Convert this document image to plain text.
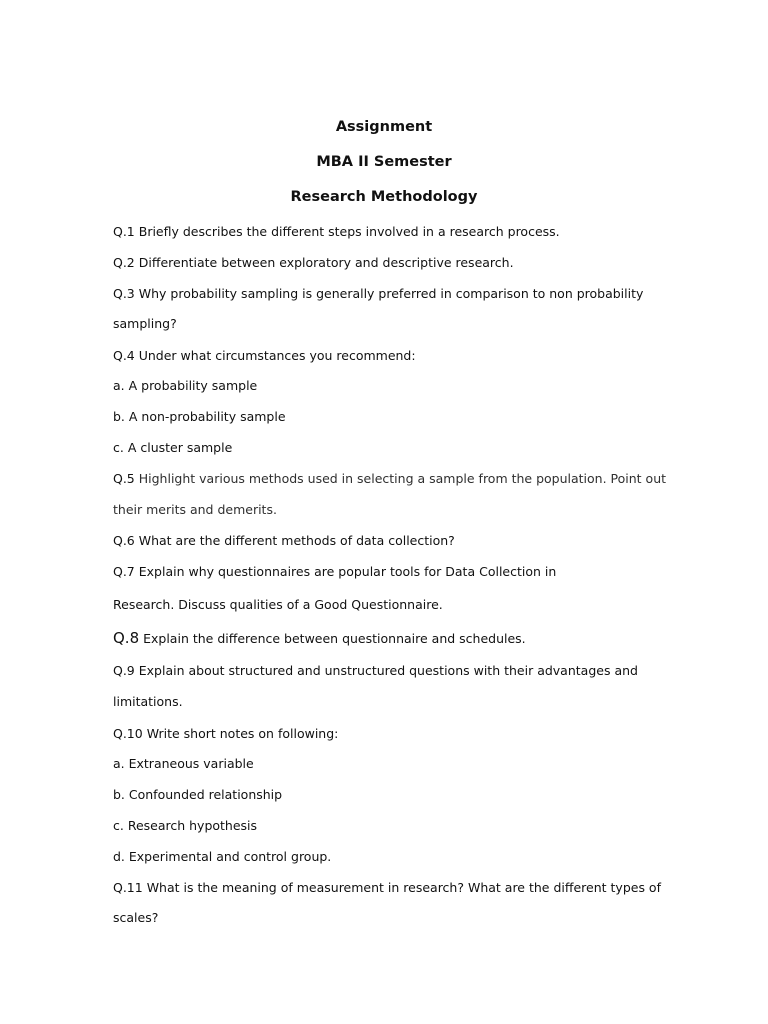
Assignment
MBA II Semester
Research Methodology
Q.1 Briefly describes the different steps involved in a research process.
Q.2 Differentiate between exploratory and descriptive research.
Q.3 Why probability sampling is generally preferred in comparison to non probability
sampling?
Q.4 Under what circumstances you recommend:
a. A probability sample
b. A non-probability sample
c. A cluster sample
Q.5 Highlight various methods used in selecting a sample from the population. Point out
their merits and demerits.
Q.6 What are the different methods of data collection?
Q.7 Explain why questionnaires are popular tools for Data Collection in
Research. Discuss qualities of a Good Questionnaire.
Q.8 Explain the difference between questionnaire and schedules.
Q.9 Explain about structured and unstructured questions with their advantages and
limitations.
Q.10 Write short notes on following:
a. Extraneous variable
b. Confounded relationship
c. Research hypothesis
d. Experimental and control group.
Q.11 What is the meaning of measurement in research? What are the different types of
scales?
